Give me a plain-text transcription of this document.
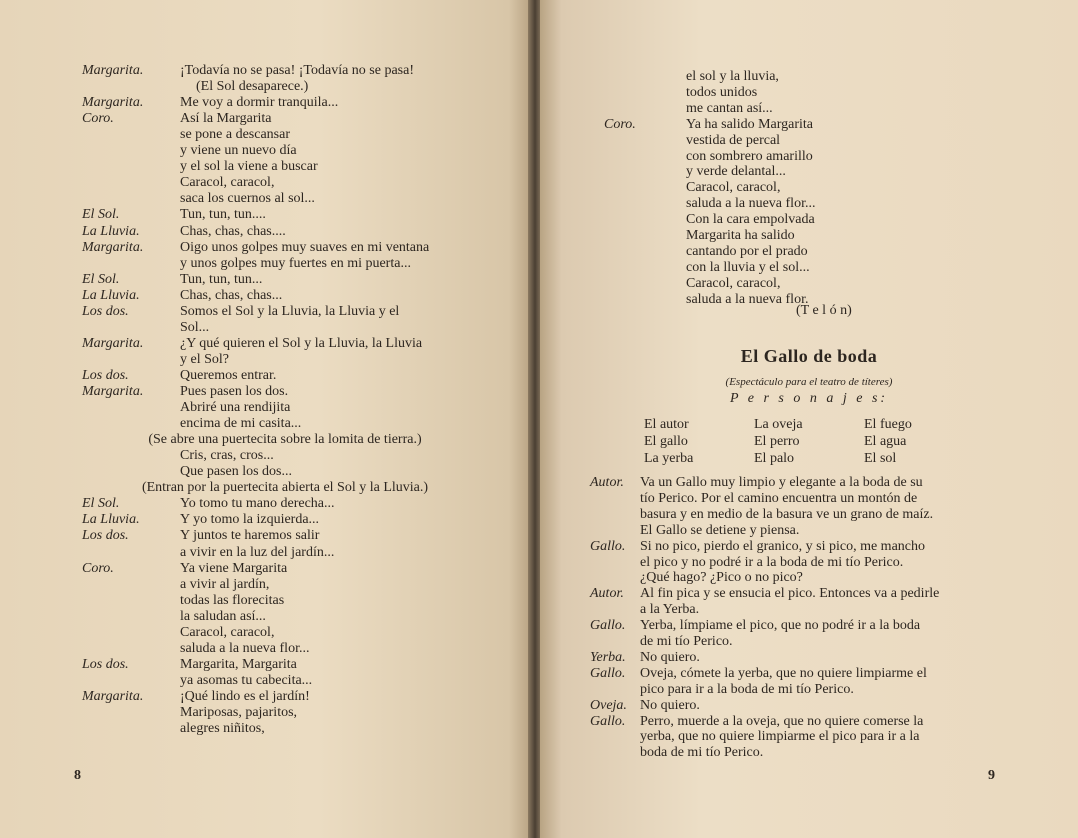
Margarita.	¡Todavía no se pasa! ¡Todavía no se pasa!
(El Sol desaparece.)
Margarita.	Me voy a dormir tranquila...
Coro.	Así la Margarita
se pone a descansar
y viene un nuevo día
y el sol la viene a buscar
Caracol, caracol,
saca los cuernos al sol...
El Sol.	Tun, tun, tun....
La Lluvia.	Chas, chas, chas....
Margarita.	Oigo unos golpes muy suaves en mi ventana
y unos golpes muy fuertes en mi puerta...
El Sol.	Tun, tun, tun...
La Lluvia.	Chas, chas, chas...
Los dos.	Somos el Sol y la Lluvia, la Lluvia y el
Sol...
Margarita.	¿Y qué quieren el Sol y la Lluvia, la Lluvia
y el Sol?
Los dos.	Queremos entrar.
Margarita.	Pues pasen los dos.
Abriré una rendijita
encima de mi casita...
(Se abre una puertecita sobre la lomita de tierra.)
Cris, cras, cros...
Que pasen los dos...
(Entran por la puertecita abierta el Sol y la Lluvia.)
El Sol.	Yo tomo tu mano derecha...
La Lluvia.	Y yo tomo la izquierda...
Los dos.	Y juntos te haremos salir
a vivir en la luz del jardín...
Coro.	Ya viene Margarita
a vivir al jardín,
todas las florecitas
la saludan así...
Caracol, caracol,
saluda a la nueva flor...
Los dos.	Margarita, Margarita
ya asomas tu cabecita...
Margarita.	¡Qué lindo es el jardín!
Mariposas, pajaritos,
alegres niñitos,
8
el sol y la lluvia,
todos unidos
me cantan así...
Coro.	Ya ha salido Margarita
vestida de percal
con sombrero amarillo
y verde delantal...
Caracol, caracol,
saluda a la nueva flor...
Con la cara empolvada
Margarita ha salido
cantando por el prado
con la lluvia y el sol...
Caracol, caracol,
saluda a la nueva flor.
(T e l ó n)
El Gallo de boda
(Espectáculo para el teatro de títeres)
P e r s o n a j e s:
El autor	La oveja	El fuego
El gallo	El perro	El agua
La yerba	El palo	El sol
Autor. Va un Gallo muy limpio y elegante a la boda de su
tío Perico. Por el camino encuentra un montón de
basura y en medio de la basura ve un grano de maíz.
El Gallo se detiene y piensa.
Gallo. Si no pico, pierdo el granico, y si pico, me mancho
el pico y no podré ir a la boda de mi tío Perico.
¿Qué hago? ¿Pico o no pico?
Autor. Al fin pica y se ensucia el pico. Entonces va a pedirle
a la Yerba.
Gallo. Yerba, límpiame el pico, que no podré ir a la boda
de mi tío Perico.
Yerba. No quiero.
Gallo. Oveja, cómete la yerba, que no quiere limpiarme el
pico para ir a la boda de mi tío Perico.
Oveja. No quiero.
Gallo. Perro, muerde a la oveja, que no quiere comerse la
yerba, que no quiere limpiarme el pico para ir a la
boda de mi tío Perico.
9
